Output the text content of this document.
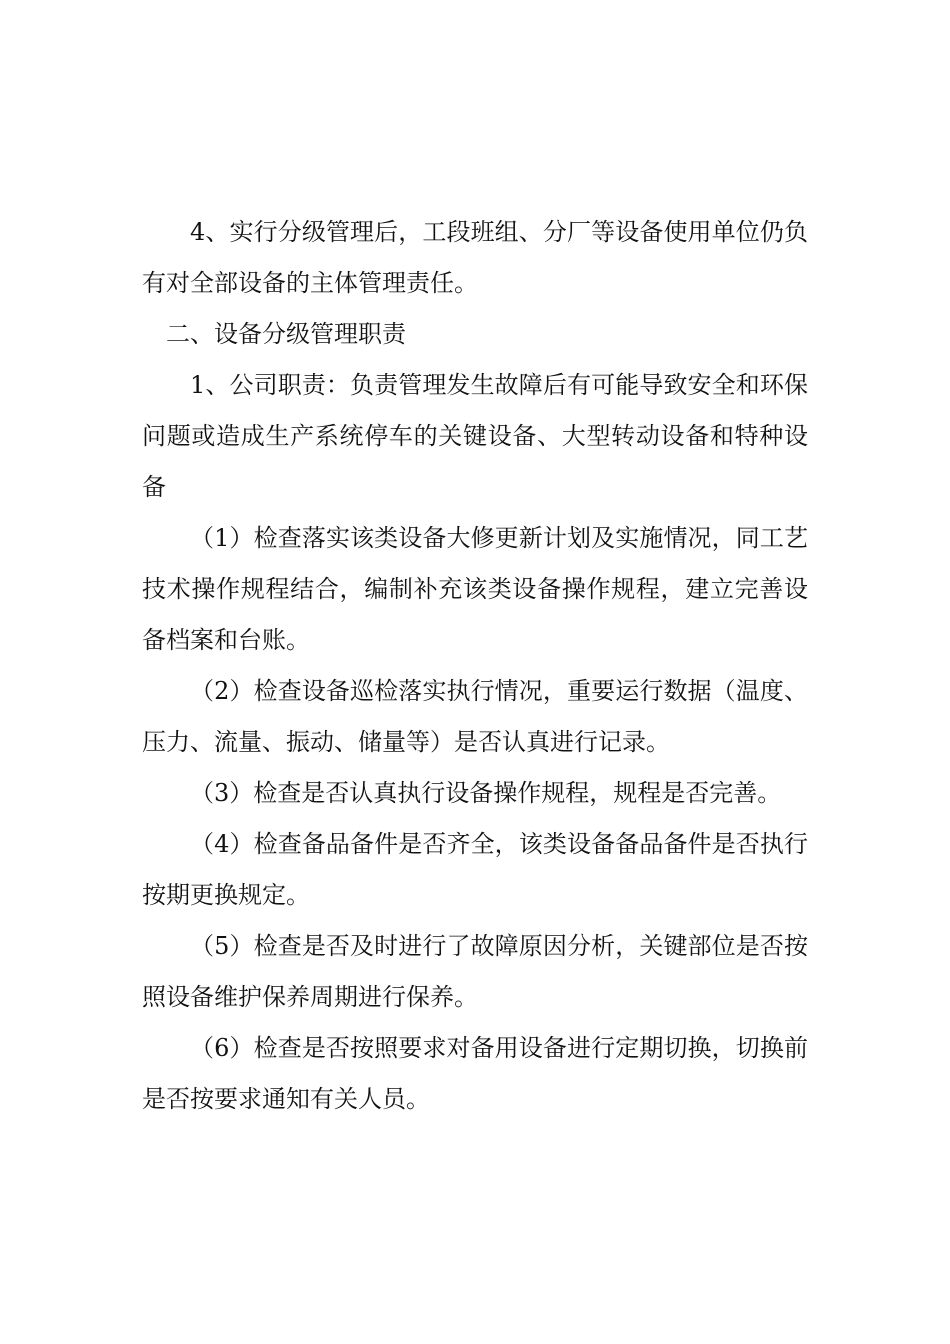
4、实行分级管理后，工段班组、分厂等设备使用单位仍负有对全部设备的主体管理责任。

二、设备分级管理职责

1、公司职责：负责管理发生故障后有可能导致安全和环保问题或造成生产系统停车的关键设备、大型转动设备和特种设备

（1）检查落实该类设备大修更新计划及实施情况，同工艺技术操作规程结合，编制补充该类设备操作规程，建立完善设备档案和台账。

（2）检查设备巡检落实执行情况，重要运行数据（温度、压力、流量、振动、储量等）是否认真进行记录。

（3）检查是否认真执行设备操作规程，规程是否完善。

（4）检查备品备件是否齐全，该类设备备品备件是否执行按期更换规定。

（5）检查是否及时进行了故障原因分析，关键部位是否按照设备维护保养周期进行保养。

（6）检查是否按照要求对备用设备进行定期切换，切换前是否按要求通知有关人员。
